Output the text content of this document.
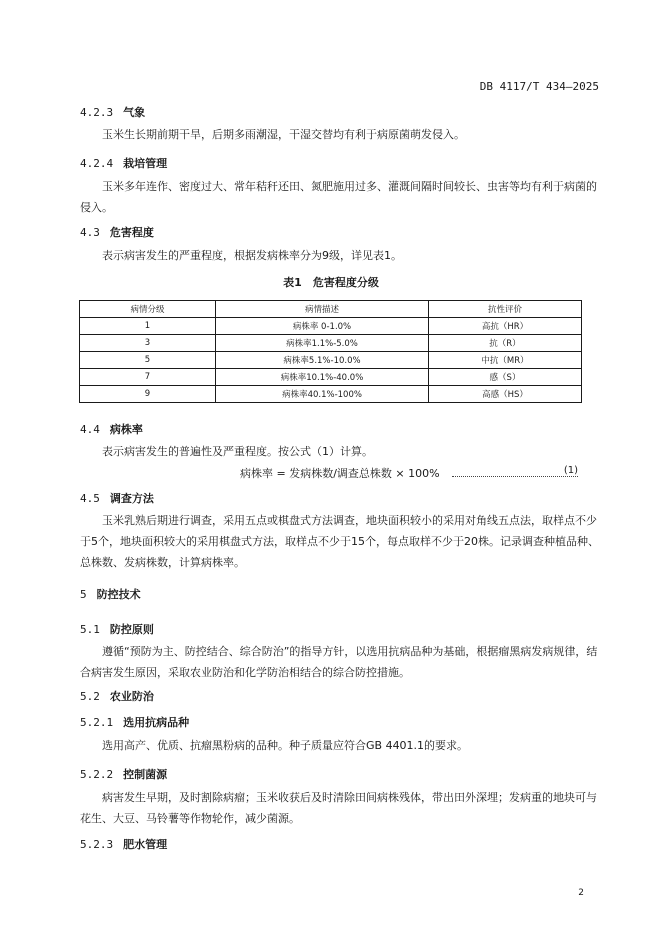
DB 4117/T 434—2025
4.2.3 气象
玉米生长期前期干旱，后期多雨潮湿，干湿交替均有利于病原菌萌发侵入。
4.2.4 栽培管理
玉米多年连作、密度过大、常年秸秆还田、氮肥施用过多、灌溉间隔时间较长、虫害等均有利于病菌的侵入。
4.3 危害程度
表示病害发生的严重程度，根据发病株率分为9级，详见表1。
表1　危害程度分级
病情分级	病情描述	抗性评价
1	病株率 0-1.0%	高抗（HR）
3	病株率1.1%-5.0%	抗（R）
5	病株率5.1%-10.0%	中抗（MR）
7	病株率10.1%-40.0%	感（S）
9	病株率40.1%-100%	高感（HS）
4.4 病株率
表示病害发生的普遍性及严重程度。按公式（1）计算。
病株率 = 发病株数/调查总株数 × 100%	(1)
4.5 调查方法
玉米乳熟后期进行调查，采用五点或棋盘式方法调查，地块面积较小的采用对角线五点法，取样点不少于5个，地块面积较大的采用棋盘式方法，取样点不少于15个，每点取样不少于20株。记录调查种植品种、总株数、发病株数，计算病株率。
5 防控技术
5.1 防控原则
遵循“预防为主、防控结合、综合防治”的指导方针，以选用抗病品种为基础，根据瘤黑病发病规律，结合病害发生原因，采取农业防治和化学防治相结合的综合防控措施。
5.2 农业防治
5.2.1 选用抗病品种
选用高产、优质、抗瘤黑粉病的品种。种子质量应符合GB 4401.1的要求。
5.2.2 控制菌源
病害发生早期，及时割除病瘤；玉米收获后及时清除田间病株残体，带出田外深埋；发病重的地块可与花生、大豆、马铃薯等作物轮作，减少菌源。
5.2.3 肥水管理
2
